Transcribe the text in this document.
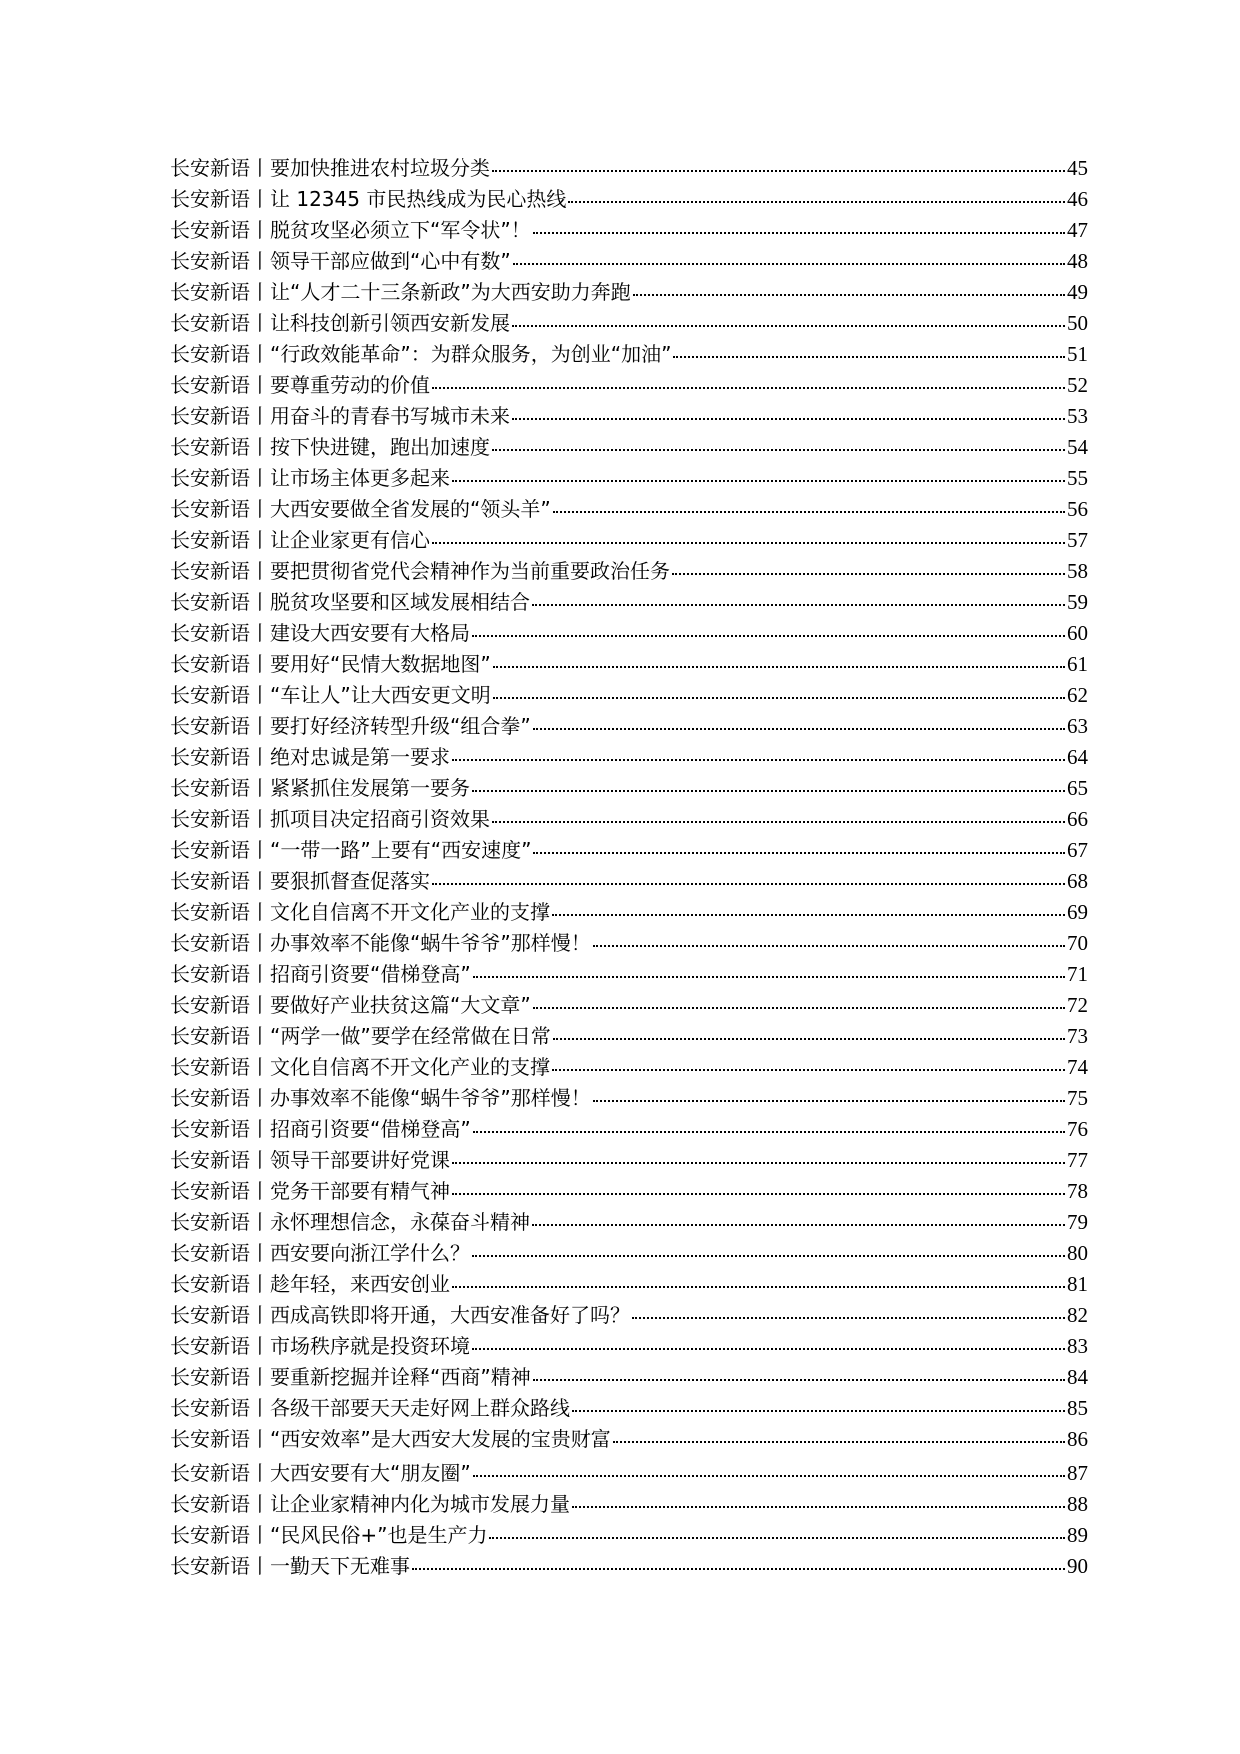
长安新语丨要加快推进农村垃圾分类	45
长安新语丨让 12345 市民热线成为民心热线	46
长安新语丨脱贫攻坚必须立下“军令状”！	47
长安新语丨领导干部应做到“心中有数”	48
长安新语丨让“人才二十三条新政”为大西安助力奔跑	49
长安新语丨让科技创新引领西安新发展	50
长安新语丨“行政效能革命”：为群众服务，为创业“加油”	51
长安新语丨要尊重劳动的价值	52
长安新语丨用奋斗的青春书写城市未来	53
长安新语丨按下快进键，跑出加速度	54
长安新语丨让市场主体更多起来	55
长安新语丨大西安要做全省发展的“领头羊”	56
长安新语丨让企业家更有信心	57
长安新语丨要把贯彻省党代会精神作为当前重要政治任务	58
长安新语丨脱贫攻坚要和区域发展相结合	59
长安新语丨建设大西安要有大格局	60
长安新语丨要用好“民情大数据地图”	61
长安新语丨“车让人”让大西安更文明	62
长安新语丨要打好经济转型升级“组合拳”	63
长安新语丨绝对忠诚是第一要求	64
长安新语丨紧紧抓住发展第一要务	65
长安新语丨抓项目决定招商引资效果	66
长安新语丨“一带一路”上要有“西安速度”	67
长安新语丨要狠抓督查促落实	68
长安新语丨文化自信离不开文化产业的支撑	69
长安新语丨办事效率不能像“蜗牛爷爷”那样慢！	70
长安新语丨招商引资要“借梯登高”	71
长安新语丨要做好产业扶贫这篇“大文章”	72
长安新语丨“两学一做”要学在经常做在日常	73
长安新语丨文化自信离不开文化产业的支撑	74
长安新语丨办事效率不能像“蜗牛爷爷”那样慢！	75
长安新语丨招商引资要“借梯登高”	76
长安新语丨领导干部要讲好党课	77
长安新语丨党务干部要有精气神	78
长安新语丨永怀理想信念，永葆奋斗精神	79
长安新语丨西安要向浙江学什么？	80
长安新语丨趁年轻，来西安创业	81
长安新语丨西成高铁即将开通，大西安准备好了吗？	82
长安新语丨市场秩序就是投资环境	83
长安新语丨要重新挖掘并诠释“西商”精神	84
长安新语丨各级干部要天天走好网上群众路线	85
长安新语丨“西安效率”是大西安大发展的宝贵财富	86
长安新语丨大西安要有大“朋友圈”	87
长安新语丨让企业家精神内化为城市发展力量	88
长安新语丨“民风民俗+”也是生产力	89
长安新语丨一勤天下无难事	90
